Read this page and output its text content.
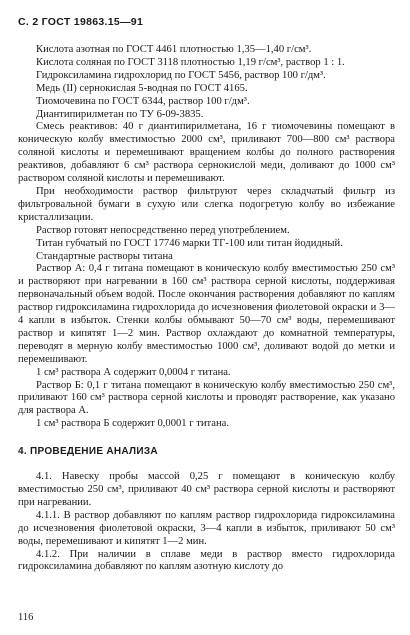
С. 2 ГОСТ 19863.15—91

Кислота азотная по ГОСТ 4461 плотностью 1,35—1,40 г/см³.

Кислота соляная по ГОСТ 3118 плотностью 1,19 г/см³, раствор 1 : 1.

Гидроксиламина гидрохлорид по ГОСТ 5456, раствор 100 г/дм³.

Медь (II) сернокислая 5-водная по ГОСТ 4165.

Тиомочевина по ГОСТ 6344, раствор 100 г/дм³.

Диантипирилметан по ТУ 6-09-3835.

Смесь реактивов: 40 г диантипирилметана, 16 г тиомочевины помещают в коническую колбу вместимостью 2000 см³, приливают 700—800 см³ раствора соляной кислоты и перемешивают вращением колбы до полного растворения реактивов, добавляют 6 см³ раствора сернокислой меди, доливают до 1000 см³ раствором соляной кислоты и перемешивают.

При необходимости раствор фильтруют через складчатый фильтр из фильтровальной бумаги в сухую или слегка подогретую колбу во избежание кристаллизации.

Раствор готовят непосредственно перед употреблением.

Титан губчатый по ГОСТ 17746 марки ТГ-100 или титан йодидный.

Стандартные растворы титана

Раствор А: 0,4 г титана помещают в коническую колбу вместимостью 250 см³ и растворяют при нагревании в 160 см³ раствора серной кислоты, поддерживая первоначальный объем водой. После окончания растворения добавляют по каплям раствор гидроксиламина гидрохлорида до исчезновения фиолетовой окраски и 3—4 капли в избыток. Стенки колбы обмывают 50—70 см³ воды, перемешивают раствор и кипятят 1—2 мин. Раствор охлаждают до комнатной температуры, переводят в мерную колбу вместимостью 1000 см³, доливают водой до метки и перемешивают.

1 см³ раствора А содержит 0,0004 г титана.

Раствор Б: 0,1 г титана помещают в коническую колбу вместимостью 250 см³, приливают 160 см³ раствора серной кислоты и проводят растворение, как указано для раствора А.

1 см³ раствора Б содержит 0,0001 г титана.

4. ПРОВЕДЕНИЕ АНАЛИЗА

4.1. Навеску пробы массой 0,25 г помещают в коническую колбу вместимостью 250 см³, приливают 40 см³ раствора серной кислоты и растворяют при нагревании.

4.1.1. В раствор добавляют по каплям раствор гидрохлорида гидроксиламина до исчезновения фиолетовой окраски, 3—4 капли в избыток, приливают 50 см³ воды, перемешивают и кипятят 1—2 мин.

4.1.2. При наличии в сплаве меди в раствор вместо гидрохлорида гидроксиламина добавляют по каплям азотную кислоту до

116
